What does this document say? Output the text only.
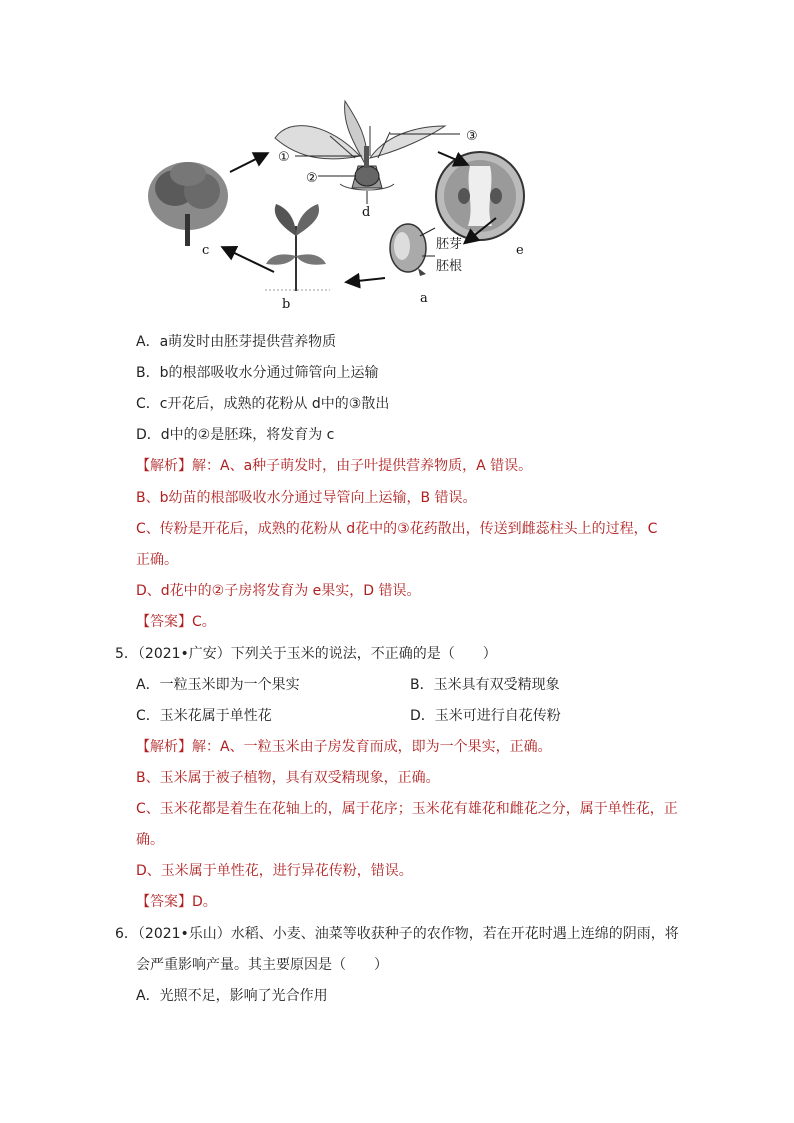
①
②
③
d
c
b	a
e
胚芽
胚根
A．a萌发时由胚芽提供营养物质
B．b的根部吸收水分通过筛管向上运输
C．c开花后，成熟的花粉从 d中的③散出
D．d中的②是胚珠，将发育为 c
【解析】解：A、a种子萌发时，由子叶提供营养物质，A 错误。
B、b幼苗的根部吸收水分通过导管向上运输，B 错误。
C、传粉是开花后，成熟的花粉从 d花中的③花药散出，传送到雌蕊柱头上的过程，C
正确。
D、d花中的②子房将发育为 e果实，D 错误。
【答案】C。
5．（2021•广安）下列关于玉米的说法，不正确的是（　　）
A．一粒玉米即为一个果实	B．玉米具有双受精现象
C．玉米花属于单性花	D．玉米可进行自花传粉
【解析】解：A、一粒玉米由子房发育而成，即为一个果实，正确。
B、玉米属于被子植物，具有双受精现象，正确。
C、玉米花都是着生在花轴上的，属于花序；玉米花有雄花和雌花之分，属于单性花，正
确。
D、玉米属于单性花，进行异花传粉，错误。
【答案】D。
6．（2021•乐山）水稻、小麦、油菜等收获种子的农作物，若在开花时遇上连绵的阴雨，将
会严重影响产量。其主要原因是（　　）
A．光照不足，影响了光合作用
